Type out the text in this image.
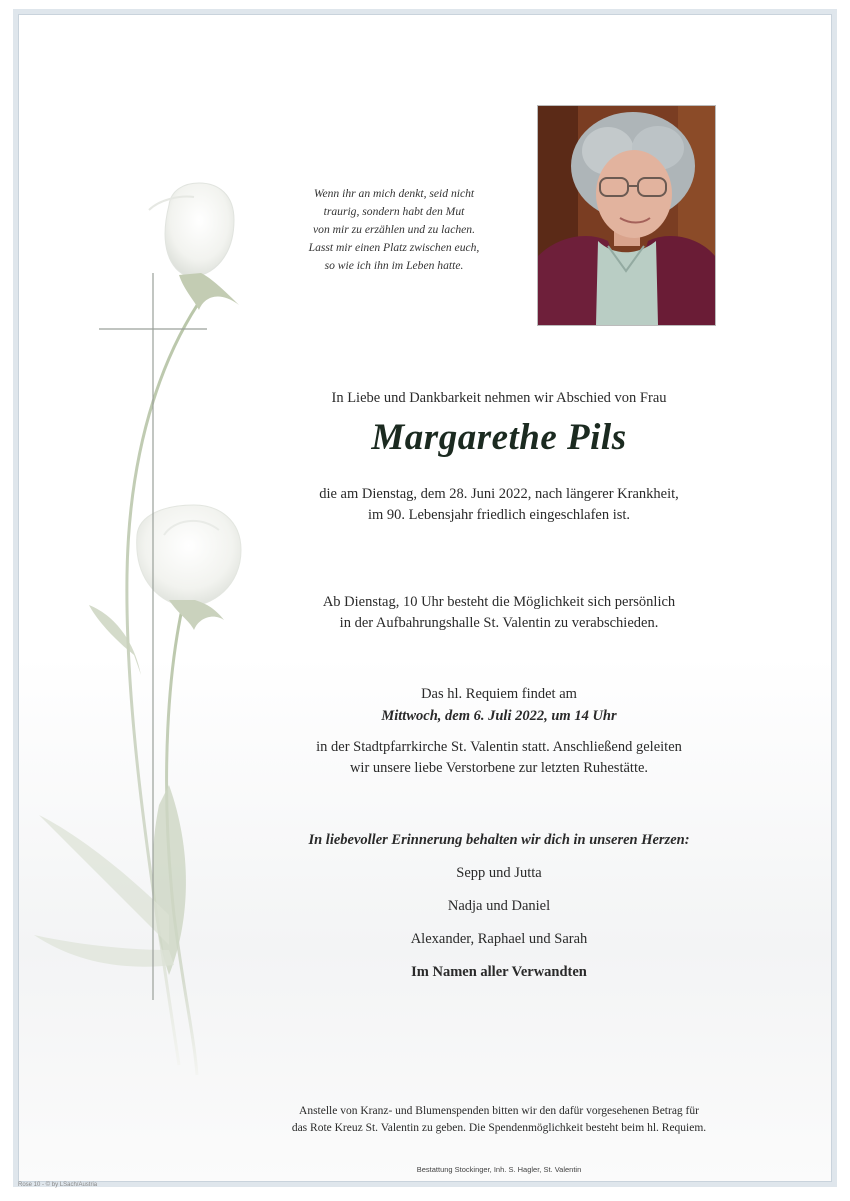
Wenn ihr an mich denkt, seid nicht
traurig, sondern habt den Mut
von mir zu erzählen und zu lachen.
Lasst mir einen Platz zwischen euch,
so wie ich ihn im Leben hatte.
In Liebe und Dankbarkeit nehmen wir Abschied von Frau
Margarethe Pils
die am Dienstag, dem 28. Juni 2022, nach längerer Krankheit,
im 90. Lebensjahr friedlich eingeschlafen ist.
Ab Dienstag, 10 Uhr besteht die Möglichkeit sich persönlich
in der Aufbahrungshalle St. Valentin zu verabschieden.
Das hl. Requiem findet am
Mittwoch, dem 6. Juli 2022, um 14 Uhr
in der Stadtpfarrkirche St. Valentin statt. Anschließend geleiten
wir unsere liebe Verstorbene zur letzten Ruhestätte.
In liebevoller Erinnerung behalten wir dich in unseren Herzen:
Sepp und Jutta
Nadja und Daniel
Alexander, Raphael und Sarah
Im Namen aller Verwandten
Anstelle von Kranz- und Blumenspenden bitten wir den dafür vorgesehenen Betrag für
das Rote Kreuz St. Valentin zu geben. Die Spendenmöglichkeit besteht beim hl. Requiem.
Bestattung Stockinger, Inh. S. Hagler, St. Valentin
Rose 10 - © by LSach/Austria
